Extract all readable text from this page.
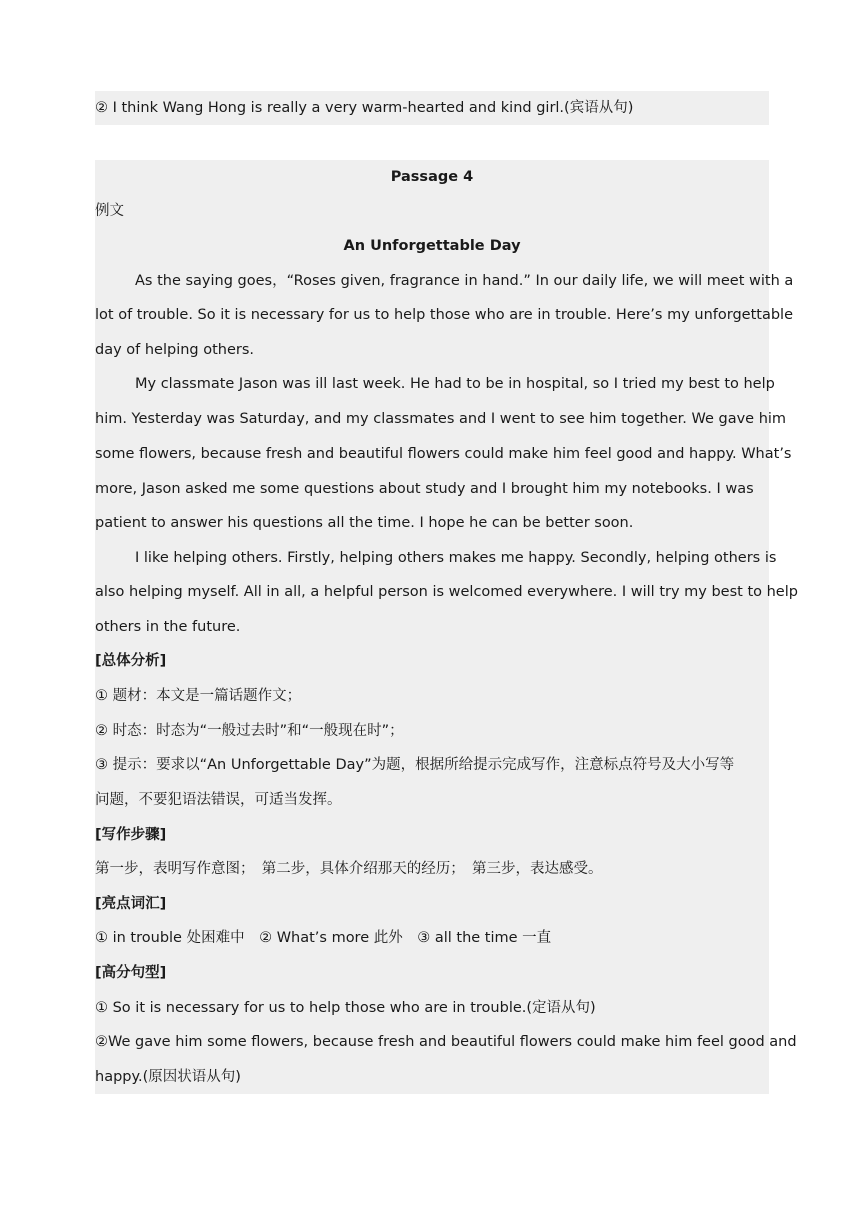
② I think Wang Hong is really a very warm-hearted and kind girl.(宾语从句)
Passage 4
例文
An Unforgettable Day
As the saying goes，“Roses given, fragrance in hand.” In our daily life, we will meet with a
lot of trouble. So it is necessary for us to help those who are in trouble. Here’s my unforgettable
day of helping others.
My classmate Jason was ill last week. He had to be in hospital, so I tried my best to help
him. Yesterday was Saturday, and my classmates and I went to see him together. We gave him
some flowers, because fresh and beautiful flowers could make him feel good and happy. What’s
more, Jason asked me some questions about study and I brought him my notebooks. I was
patient to answer his questions all the time. I hope he can be better soon.
I like helping others. Firstly, helping others makes me happy. Secondly, helping others is
also helping myself. All in all, a helpful person is welcomed everywhere. I will try my best to help
others in the future.
[总体分析]
① 题材：本文是一篇话题作文；
② 时态：时态为“一般过去时”和“一般现在时”；
③ 提示：要求以“An Unforgettable Day”为题，根据所给提示完成写作，注意标点符号及大小写等
问题，不要犯语法错误，可适当发挥。
[写作步骤]
第一步，表明写作意图；　第二步，具体介绍那天的经历；　第三步，表达感受。
[亮点词汇]
① in trouble 处困难中　② What’s more 此外　③ all the time 一直
[高分句型]
① So it is necessary for us to help those who are in trouble.(定语从句)
②We gave him some flowers, because fresh and beautiful flowers could make him feel good and
happy.(原因状语从句)
